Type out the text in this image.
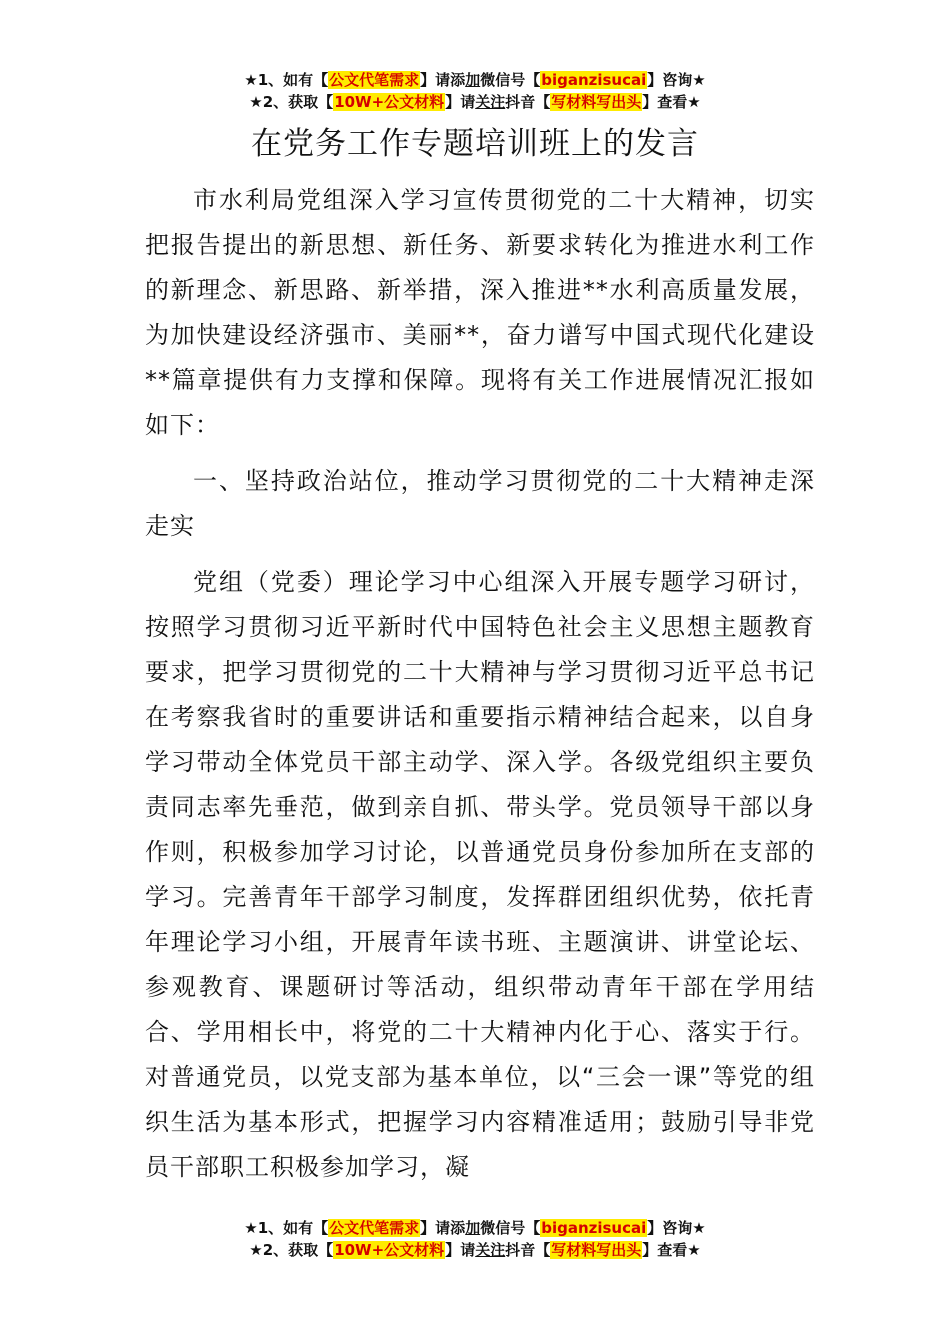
★1、如有【公文代笔需求】请添加微信号【biganzisucai】咨询★
★2、获取【10W+公文材料】请关注抖音【写材料写出头】查看★
在党务工作专题培训班上的发言

市水利局党组深入学习宣传贯彻党的二十大精神，切实把报告提出的新思想、新任务、新要求转化为推进水利工作的新理念、新思路、新举措，深入推进**水利高质量发展，为加快建设经济强市、美丽**，奋力谱写中国式现代化建设**篇章提供有力支撑和保障。现将有关工作进展情况汇报如如下：

一、坚持政治站位，推动学习贯彻党的二十大精神走深走实

党组（党委）理论学习中心组深入开展专题学习研讨，按照学习贯彻习近平新时代中国特色社会主义思想主题教育要求，把学习贯彻党的二十大精神与学习贯彻习近平总书记在考察我省时的重要讲话和重要指示精神结合起来，以自身学习带动全体党员干部主动学、深入学。各级党组织主要负责同志率先垂范，做到亲自抓、带头学。党员领导干部以身作则，积极参加学习讨论，以普通党员身份参加所在支部的学习。完善青年干部学习制度，发挥群团组织优势，依托青年理论学习小组，开展青年读书班、主题演讲、讲堂论坛、参观教育、课题研讨等活动，组织带动青年干部在学用结合、学用相长中，将党的二十大精神内化于心、落实于行。对普通党员，以党支部为基本单位，以“三会一课”等党的组织生活为基本形式，把握学习内容精准适用；鼓励引导非党员干部职工积极参加学习，凝

★1、如有【公文代笔需求】请添加微信号【biganzisucai】咨询★
★2、获取【10W+公文材料】请关注抖音【写材料写出头】查看★
